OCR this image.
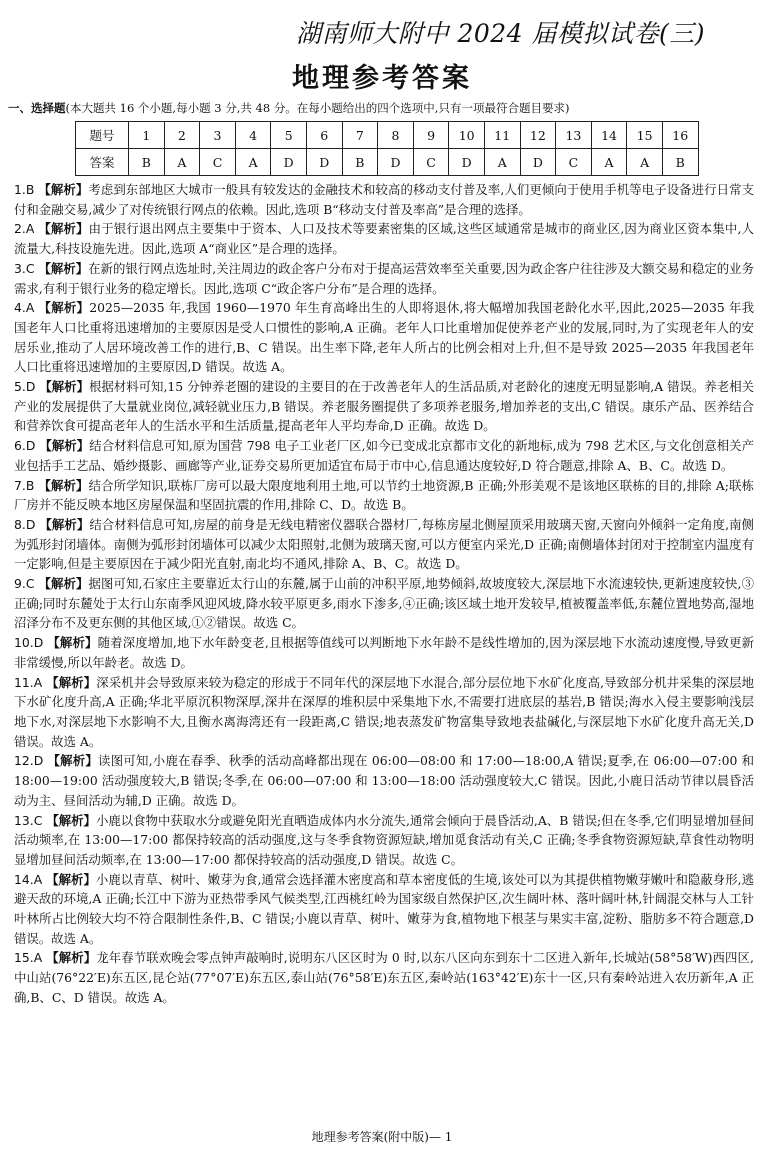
湖南师大附中 2024 届模拟试卷(三)
地理参考答案
一、选择题(本大题共 16 个小题,每小题 3 分,共 48 分。在每小题给出的四个选项中,只有一项最符合题目要求)
题号	1	2	3	4	5	6	7	8	9	10	11	12	13	14	15	16
答案	B	A	C	A	D	D	B	D	C	D	A	D	C	A	A	B

1.B 【解析】考虑到东部地区大城市一般具有较发达的金融技术和较高的移动支付普及率,人们更倾向于使用手机等电子设备进行日常支付和金融交易,减少了对传统银行网点的依赖。因此,选项 B“移动支付普及率高”是合理的选择。

2.A 【解析】由于银行退出网点主要集中于资本、人口及技术等要素密集的区域,这些区域通常是城市的商业区,因为商业区资本集中,人流量大,科技设施先进。因此,选项 A“商业区”是合理的选择。

3.C 【解析】在新的银行网点选址时,关注周边的政企客户分布对于提高运营效率至关重要,因为政企客户往往涉及大额交易和稳定的业务需求,有利于银行业务的稳定增长。因此,选项 C“政企客户分布”是合理的选择。

4.A 【解析】2025—2035 年,我国 1960—1970 年生育高峰出生的人即将退休,将大幅增加我国老龄化水平,因此,2025—2035 年我国老年人口比重将迅速增加的主要原因是受人口惯性的影响,A 正确。老年人口比重增加促使养老产业的发展,同时,为了实现老年人的安居乐业,推动了人居环境改善工作的进行,B、C 错误。出生率下降,老年人所占的比例会相对上升,但不是导致 2025—2035 年我国老年人口比重将迅速增加的主要原因,D 错误。故选 A。

5.D 【解析】根据材料可知,15 分钟养老圈的建设的主要目的在于改善老年人的生活品质,对老龄化的速度无明显影响,A 错误。养老相关产业的发展提供了大量就业岗位,减轻就业压力,B 错误。养老服务圈提供了多项养老服务,增加养老的支出,C 错误。康乐产品、医养结合和营养饮食可提高老年人的生活水平和生活质量,提高老年人平均寿命,D 正确。故选 D。

6.D 【解析】结合材料信息可知,原为国营 798 电子工业老厂区,如今已变成北京都市文化的新地标,成为 798 艺术区,与文化创意相关产业包括手工艺品、婚纱摄影、画廊等产业,证券交易所更加适宜布局于市中心,信息通达度较好,D 符合题意,排除 A、B、C。故选 D。

7.B 【解析】结合所学知识,联栋厂房可以最大限度地利用土地,可以节约土地资源,B 正确;外形美观不是该地区联栋的目的,排除 A;联栋厂房并不能反映本地区房屋保温和坚固抗震的作用,排除 C、D。故选 B。

8.D 【解析】结合材料信息可知,房屋的前身是无线电精密仪器联合器材厂,每栋房屋北侧屋顶采用玻璃天窗,天窗向外倾斜一定角度,南侧为弧形封闭墙体。南侧为弧形封闭墙体可以减少太阳照射,北侧为玻璃天窗,可以方便室内采光,D 正确;南侧墙体封闭对于控制室内温度有一定影响,但是主要原因在于减少阳光直射,南北均不通风,排除 A、B、C。故选 D。

9.C 【解析】据图可知,石家庄主要靠近太行山的东麓,属于山前的冲积平原,地势倾斜,故坡度较大,深层地下水流速较快,更新速度较快,③正确;同时东麓处于太行山东南季风迎风坡,降水较平原更多,雨水下渗多,④正确;该区域土地开发较早,植被覆盖率低,东麓位置地势高,湿地沼泽分布不及更东侧的其他区域,①②错误。故选 C。

10.D 【解析】随着深度增加,地下水年龄变老,且根据等值线可以判断地下水年龄不是线性增加的,因为深层地下水流动速度慢,导致更新非常缓慢,所以年龄老。故选 D。

11.A 【解析】深采机井会导致原来较为稳定的形成于不同年代的深层地下水混合,部分层位地下水矿化度高,导致部分机井采集的深层地下水矿化度升高,A 正确;华北平原沉积物深厚,深井在深厚的堆积层中采集地下水,不需要打进底层的基岩,B 错误;海水入侵主要影响浅层地下水,对深层地下水影响不大,且衡水离海湾还有一段距离,C 错误;地表蒸发矿物富集导致地表盐碱化,与深层地下水矿化度升高无关,D 错误。故选 A。

12.D 【解析】读图可知,小鹿在春季、秋季的活动高峰都出现在 06:00—08:00 和 17:00—18:00,A 错误;夏季,在 06:00—07:00 和 18:00—19:00 活动强度较大,B 错误;冬季,在 06:00—07:00 和 13:00—18:00 活动强度较大,C 错误。因此,小鹿日活动节律以晨昏活动为主、昼间活动为辅,D 正确。故选 D。

13.C 【解析】小鹿以食物中获取水分或避免阳光直晒造成体内水分流失,通常会倾向于晨昏活动,A、B 错误;但在冬季,它们明显增加昼间活动频率,在 13:00—17:00 都保持较高的活动强度,这与冬季食物资源短缺,增加觅食活动有关,C 正确;冬季食物资源短缺,草食性动物明显增加昼间活动频率,在 13:00—17:00 都保持较高的活动强度,D 错误。故选 C。

14.A 【解析】小鹿以青草、树叶、嫩芽为食,通常会选择灌木密度高和草本密度低的生境,该处可以为其提供植物嫩芽嫩叶和隐蔽身形,逃避天敌的环境,A 正确;长江中下游为亚热带季风气候类型,江西桃红岭为国家级自然保护区,次生阔叶林、落叶阔叶林,针阔混交林与人工针叶林所占比例较大均不符合限制性条件,B、C 错误;小鹿以青草、树叶、嫩芽为食,植物地下根茎与果实丰富,淀粉、脂肪多不符合题意,D 错误。故选 A。

15.A 【解析】龙年春节联欢晚会零点钟声敲响时,说明东八区区时为 0 时,以东八区向东到东十二区进入新年,长城站(58°58′W)西四区,中山站(76°22′E)东五区,昆仑站(77°07′E)东五区,泰山站(76°58′E)东五区,秦岭站(163°42′E)东十一区,只有秦岭站进入农历新年,A 正确,B、C、D 错误。故选 A。

地理参考答案(附中版)— 1
